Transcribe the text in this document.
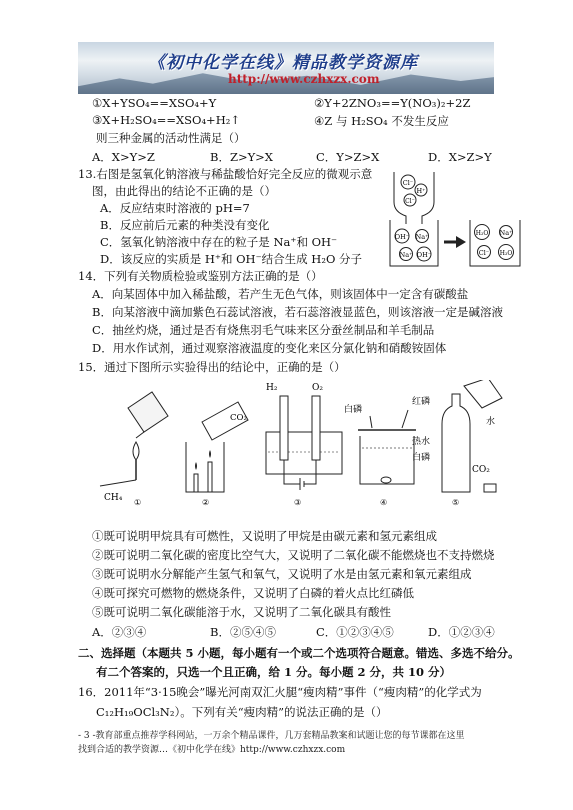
《初中化学在线》精品教学资源库
http://www.czhxzx.com
①X+YSO₄==XSO₄+Y	②Y+2ZNO₃==Y(NO₃)₂+2Z
③X+H₂SO₄==XSO₄+H₂↑	④Z 与 H₂SO₄ 不发生反应
则三种金属的活动性满足（）
A．X>Y>Z	B．Z>Y>X	C．Y>Z>X	D．X>Z>Y
13.右图是氢氧化钠溶液与稀盐酸恰好完全反应的微观示意
图，由此得出的结论不正确的是（）
A．反应结束时溶液的 pH=7
B．反应前后元素的种类没有变化
C．氢氧化钠溶液中存在的粒子是 Na⁺和 OH⁻
D．该反应的实质是 H⁺和 OH⁻结合生成 H₂O 分子
Cl⁻
H⁺
Cl⁻
OH⁻ Na⁺
Na⁺ OH⁻
H₂O Na⁺
Cl⁻ H₂O
14．下列有关物质检验或鉴别方法正确的是（）
A．向某固体中加入稀盐酸，若产生无色气体，则该固体中一定含有碳酸盐
B．向某溶液中滴加紫色石蕊试溶液，若石蕊溶液显蓝色，则该溶液一定是碱溶液
C．抽丝灼烧，通过是否有烧焦羽毛气味来区分蚕丝制品和羊毛制品
D．用水作试剂，通过观察溶液温度的变化来区分氯化钠和硝酸铵固体
15．通过下图所示实验得出的结论中，正确的是（）
CH₄ ①
CO₂
②
H₂	O₂
③
白磷
红磷
热水
白磷
④
CO₂
水
⑤
①既可说明甲烷具有可燃性，又说明了甲烷是由碳元素和氢元素组成
②既可说明二氧化碳的密度比空气大，又说明了二氧化碳不能燃烧也不支持燃烧
③既可说明水分解能产生氢气和氧气，又说明了水是由氢元素和氧元素组成
④既可探究可燃物的燃烧条件，又说明了白磷的着火点比红磷低
⑤既可说明二氧化碳能溶于水，又说明了二氧化碳具有酸性
A．②③④	B．②⑤④⑤	C．①②③④⑤	D．①②③④
二、选择题（本题共 5 小题，每小题有一个或二个选项符合题意。错选、多选不给分。
有二个答案的，只选一个且正确，给 1 分。每小题 2 分，共 10 分）
16．2011年“3·15晚会”曝光河南双汇火腿“瘦肉精”事件（“瘦肉精”的化学式为
C₁₂H₁₉OCl₃N₂）。下列有关“瘦肉精”的说法正确的是（）
- 3 -教育部重点推荐学科网站，一万余个精品课件，几万套精品教案和试题让您的每节课都在这里
找到合适的教学资源…《初中化学在线》http://www.czhxzx.com
